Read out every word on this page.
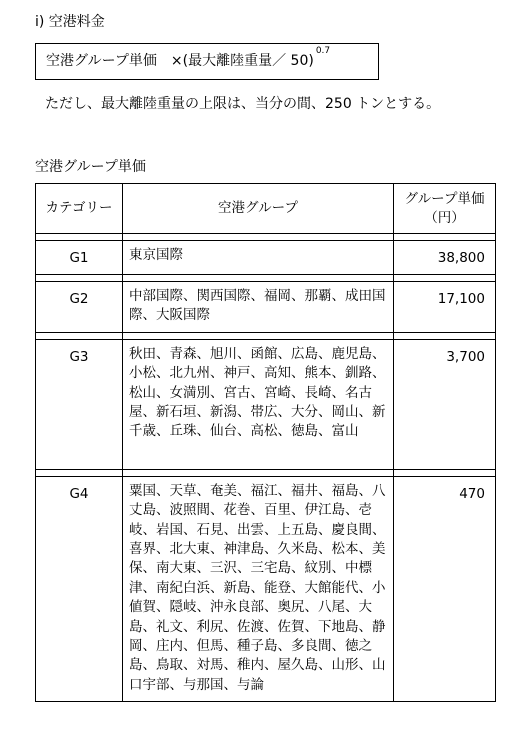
i) 空港料金
空港グループ単価 ×(最大離陸重量／ 50)$^{0.7}$
ただし、最大離陸重量の上限は、当分の間、250 トンとする。
空港グループ単価
カテゴリー	空港グループ	グループ単価（円）

G1	東京国際	38,800

G2	中部国際、関西国際、福岡、那覇、成田国際、大阪国際	17,100

G3	秋田、青森、旭川、函館、広島、鹿児島、小松、北九州、神戸、高知、熊本、釧路、松山、女満別、宮古、宮崎、長崎、名古屋、新石垣、新潟、帯広、大分、岡山、新千歳、丘珠、仙台、高松、徳島、富山	3,700

G4	粟国、天草、奄美、福江、福井、福島、八丈島、波照間、花巻、百里、伊江島、壱岐、岩国、石見、出雲、上五島、慶良間、喜界、北大東、神津島、久米島、松本、美保、南大東、三沢、三宅島、紋別、中標津、南紀白浜、新島、能登、大館能代、小値賀、隠岐、沖永良部、奥尻、八尾、大島、礼文、利尻、佐渡、佐賀、下地島、静岡、庄内、但馬、種子島、多良間、徳之島、鳥取、対馬、稚内、屋久島、山形、山口宇部、与那国、与論	470
